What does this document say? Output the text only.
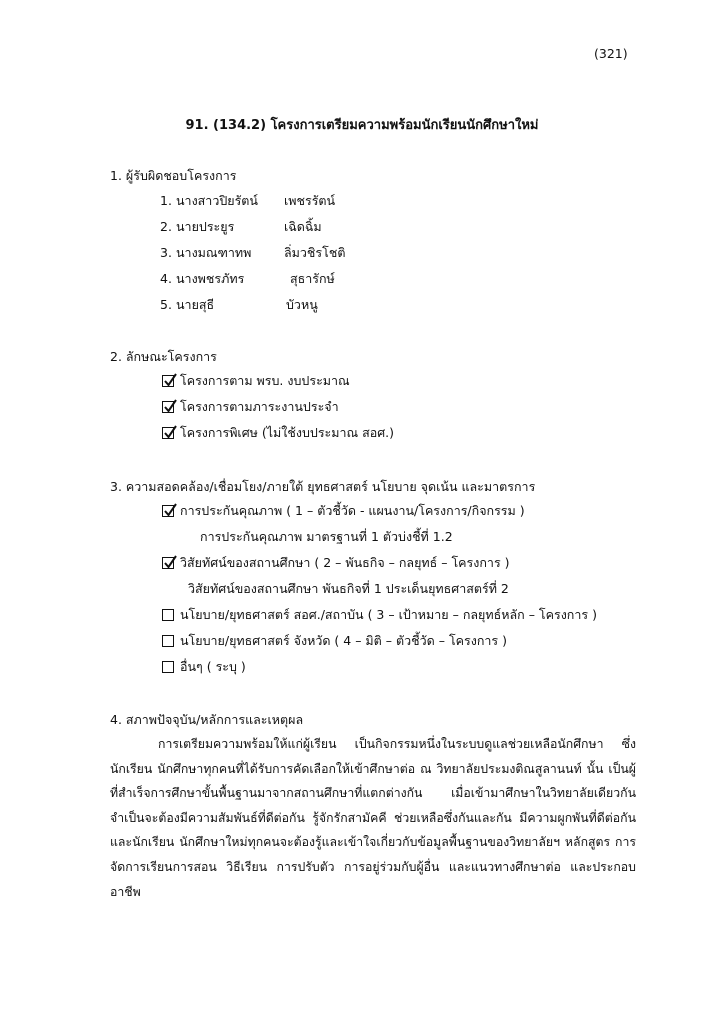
(321)
91. (134.2) โครงการเตรียมความพร้อมนักเรียนนักศึกษาใหม่
1. ผู้รับผิดชอบโครงการ
1. นางสาวปิยรัตน์ เพชรรัตน์
2. นายประยูร	เฉิดฉิ้ม
3. นางมณฑาทพ	ลิ่มวชิรโชติ
4. นางพชรภัทร	สุธารักษ์
5. นายสุธี	บัวหนู
2. ลักษณะโครงการ
โครงการตาม พรบ. งบประมาณ
โครงการตามภาระงานประจำ
โครงการพิเศษ (ไม่ใช้งบประมาณ สอศ.)
3. ความสอดคล้อง/เชื่อมโยง/ภายใต้ ยุทธศาสตร์ นโยบาย จุดเน้น และมาตรการ
การประกันคุณภาพ ( 1 – ตัวชี้วัด - แผนงาน/โครงการ/กิจกรรม )
การประกันคุณภาพ มาตรฐานที่ 1 ตัวบ่งชี้ที่ 1.2
วิสัยทัศน์ของสถานศึกษา ( 2 – พันธกิจ – กลยุทธ์ – โครงการ )
วิสัยทัศน์ของสถานศึกษา พันธกิจที่ 1 ประเด็นยุทธศาสตร์ที่ 2
นโยบาย/ยุทธศาสตร์ สอศ./สถาบัน ( 3 – เป้าหมาย – กลยุทธ์หลัก – โครงการ )
นโยบาย/ยุทธศาสตร์ จังหวัด ( 4 – มิติ – ตัวชี้วัด – โครงการ )
อื่นๆ ( ระบุ )
4. สภาพปัจจุบัน/หลักการและเหตุผล
การเตรียมความพร้อมให้แก่ผู้เรียน เป็นกิจกรรมหนึ่งในระบบดูแลช่วยเหลือนักศึกษา ซึ่งนักเรียน นักศึกษาทุกคนที่ได้รับการคัดเลือกให้เข้าศึกษาต่อ ณ วิทยาลัยประมงติณสูลานนท์ นั้น เป็นผู้ที่สำเร็จการศึกษาขั้นพื้นฐานมาจากสถานศึกษาที่แตกต่างกัน เมื่อเข้ามาศึกษาในวิทยาลัยเดียวกันจำเป็นจะต้องมีความสัมพันธ์ที่ดีต่อกัน รู้จักรักสามัคคี ช่วยเหลือซึ่งกันและกัน มีความผูกพันที่ดีต่อกัน และนักเรียน นักศึกษาใหม่ทุกคนจะต้องรู้และเข้าใจเกี่ยวกับข้อมูลพื้นฐานของวิทยาลัยฯ หลักสูตร การจัดการเรียนการสอน วิธีเรียน การปรับตัว การอยู่ร่วมกับผู้อื่น และแนวทางศึกษาต่อ และประกอบอาชีพ
